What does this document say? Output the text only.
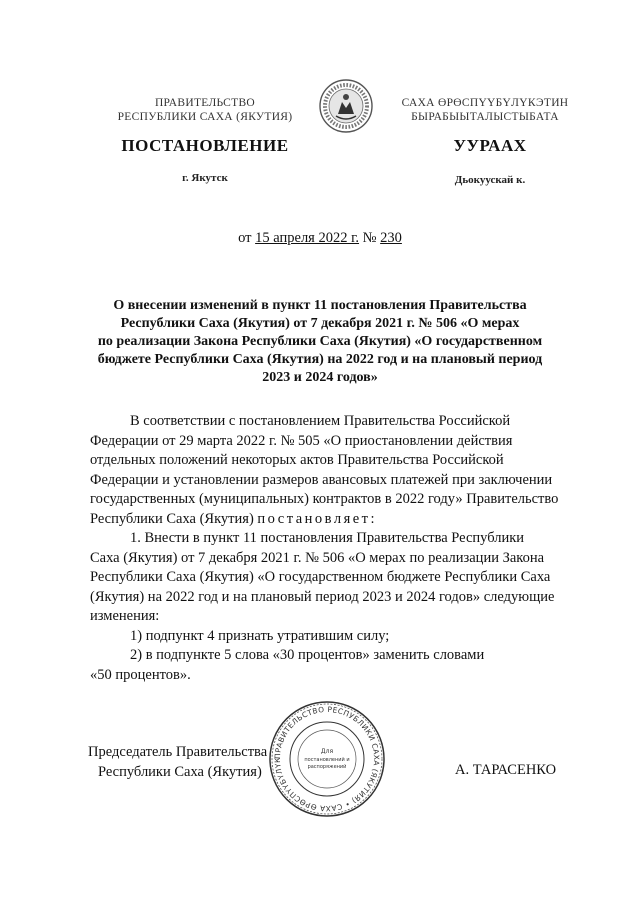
ПРАВИТЕЛЬСТВО
РЕСПУБЛИКИ САХА (ЯКУТИЯ)
САХА ӨРӨСПҮҮБҮЛҮКЭТИН
БЫРАБЫЫТАЛЫСТЫБАТА
ПОСТАНОВЛЕНИЕ	УУРААХ
г. Якутск	Дьокуускай к.
от 15 апреля 2022 г. № 230
О внесении изменений в пункт 11 постановления Правительства
Республики Саха (Якутия) от 7 декабря 2021 г. № 506 «О мерах
по реализации Закона Республики Саха (Якутия) «О государственном
бюджете Республики Саха (Якутия) на 2022 год и на плановый период
2023 и 2024 годов»
В соответствии с постановлением Правительства Российской
Федерации от 29 марта 2022 г. № 505 «О приостановлении действия
отдельных положений некоторых актов Правительства Российской
Федерации и установлении размеров авансовых платежей при заключении
государственных (муниципальных) контрактов в 2022 году» Правительство
Республики Саха (Якутия) постановляет:
1. Внести в пункт 11 постановления Правительства Республики
Саха (Якутия) от 7 декабря 2021 г. № 506 «О мерах по реализации Закона
Республики Саха (Якутия) «О государственном бюджете Республики Саха
(Якутия) на 2022 год и на плановый период 2023 и 2024 годов» следующие
изменения:
1) подпункт 4 признать утратившим силу;
2) в подпункте 5 слова «30 процентов» заменить словами
«50 процентов».
ПРАВИТЕЛЬСТВО РЕСПУБЛИКИ САХА (ЯКУТИЯ) • САХА ӨРӨСПҮҮБҮЛҮК
Для
постановлений и
распоряжений
Председатель Правительства
Республики Саха (Якутия)	А. ТАРАСЕНКО
